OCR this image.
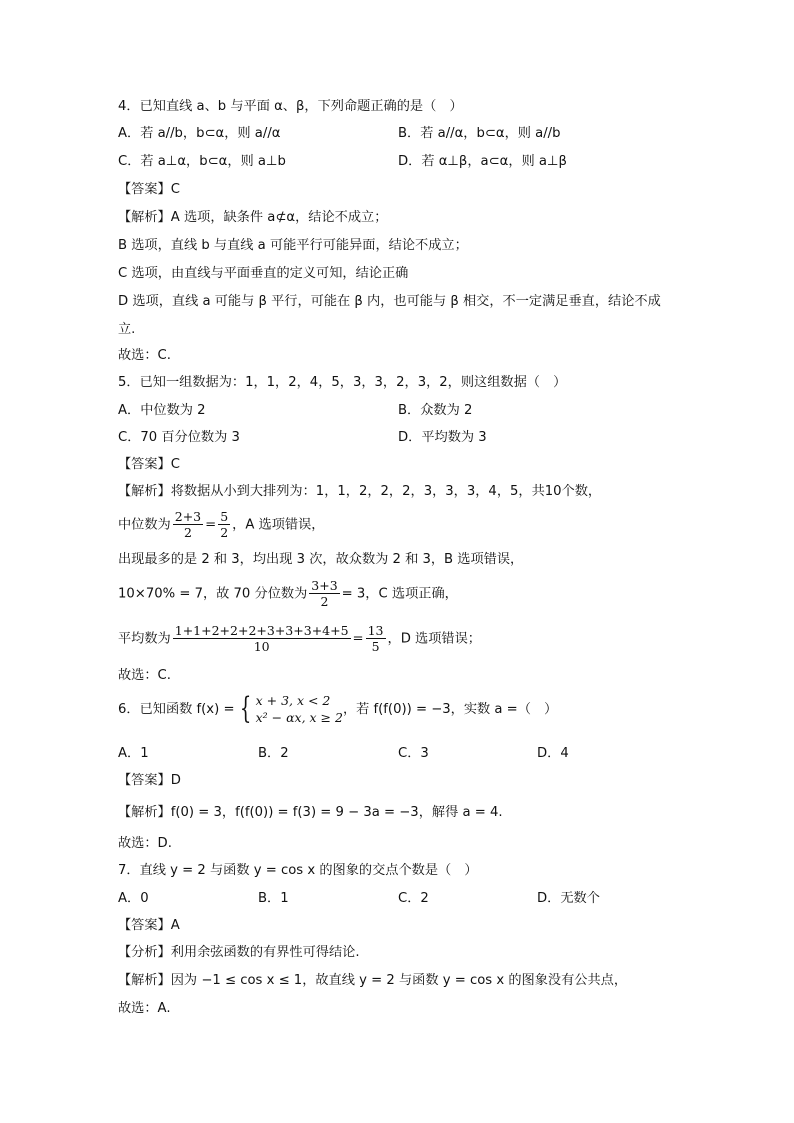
4．已知直线 a、b 与平面 α、β，下列命题正确的是（　）
A．若 a//b，b⊂α，则 a//α	B．若 a//α，b⊂α，则 a//b
C．若 a⊥α，b⊂α，则 a⊥b	D．若 α⊥β，a⊂α，则 a⊥β
【答案】C
【解析】A 选项，缺条件 a⊄α，结论不成立；
B 选项，直线 b 与直线 a 可能平行可能异面，结论不成立；
C 选项，由直线与平面垂直的定义可知，结论正确
D 选项，直线 a 可能与 β 平行，可能在 β 内，也可能与 β 相交，不一定满足垂直，结论不成
立.
故选：C.
5．已知一组数据为：1，1，2，4，5，3，3，2，3，2，则这组数据（　）
A．中位数为 2	B．众数为 2
C．70 百分位数为 3	D．平均数为 3
【答案】C
【解析】将数据从小到大排列为：1，1，2，2，2，3，3，3，4，5，共10个数，
中位数为 $\frac{2+3}{2} = \frac{5}{2}$ ，A 选项错误，
出现最多的是 2 和 3，均出现 3 次，故众数为 2 和 3，B 选项错误，
10×70% = 7，故 70 分位数为 $\frac{3+3}{2} = 3$，C 选项正确，
平均数为 $\frac{1+1+2+2+2+3+3+3+4+5}{10} = \frac{13}{5}$ ，D 选项错误；
故选：C.
6．已知函数 f(x) = { x + 3, x < 2
x² − αx, x ≥ 2
，若 f(f(0)) = −3，实数 a =（　）
A．1	B．2	C．3	D．4
【答案】D
【解析】f(0) = 3，f(f(0)) = f(3) = 9 − 3a = −3，解得 a = 4.
故选：D.
7．直线 y = 2 与函数 y = cos x 的图象的交点个数是（　）
A．0	B．1	C．2	D．无数个
【答案】A
【分析】利用余弦函数的有界性可得结论.
【解析】因为 −1 ≤ cos x ≤ 1，故直线 y = 2 与函数 y = cos x 的图象没有公共点，
故选：A.
